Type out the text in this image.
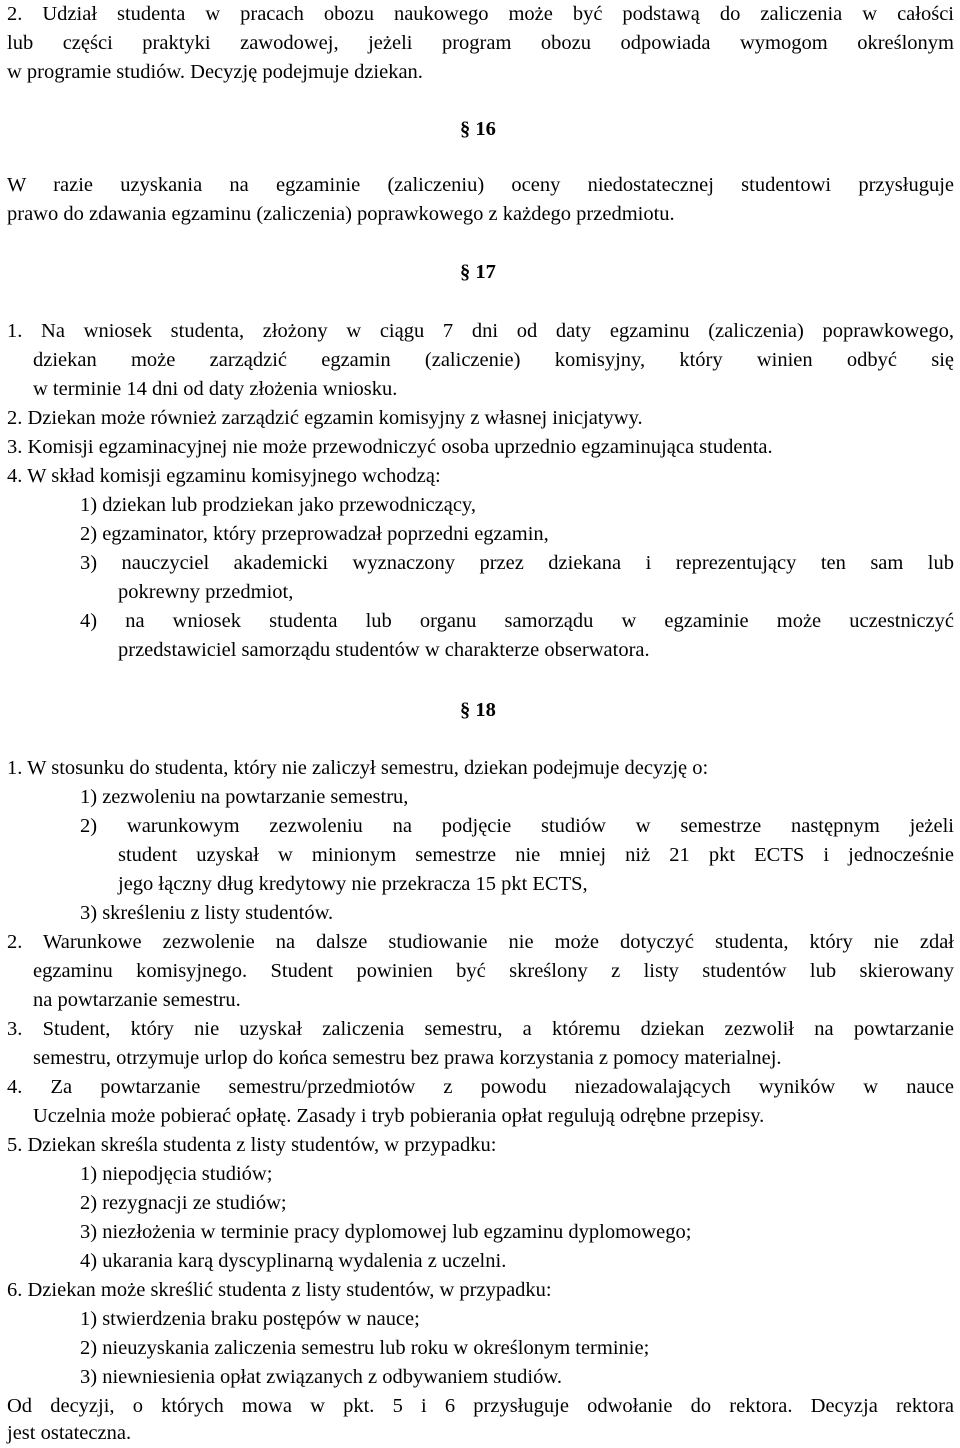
2. Udział studenta w pracach obozu naukowego może być podstawą do zaliczenia w całości
lub części praktyki zawodowej, jeżeli program obozu odpowiada wymogom określonym
w programie studiów. Decyzję podejmuje dziekan.
§ 16
W razie uzyskania na egzaminie (zaliczeniu) oceny niedostatecznej studentowi przysługuje
prawo do zdawania egzaminu (zaliczenia) poprawkowego z każdego przedmiotu.
§ 17
1. Na wniosek studenta, złożony w ciągu 7 dni od daty egzaminu (zaliczenia) poprawkowego,
dziekan może zarządzić egzamin (zaliczenie) komisyjny, który winien odbyć się
w terminie 14 dni od daty złożenia wniosku.
2. Dziekan może również zarządzić egzamin komisyjny z własnej inicjatywy.
3. Komisji egzaminacyjnej nie może przewodniczyć osoba uprzednio egzaminująca studenta.
4. W skład komisji egzaminu komisyjnego wchodzą:
1) dziekan lub prodziekan jako przewodniczący,
2) egzaminator, który przeprowadzał poprzedni egzamin,
3) nauczyciel akademicki wyznaczony przez dziekana i reprezentujący ten sam lub
pokrewny przedmiot,
4) na wniosek studenta lub organu samorządu w egzaminie może uczestniczyć
przedstawiciel samorządu studentów w charakterze obserwatora.
§ 18
1. W stosunku do studenta, który nie zaliczył semestru, dziekan podejmuje decyzję o:
1) zezwoleniu na powtarzanie semestru,
2) warunkowym zezwoleniu na podjęcie studiów w semestrze następnym jeżeli
student uzyskał w minionym semestrze nie mniej niż 21 pkt ECTS i jednocześnie
jego łączny dług kredytowy nie przekracza 15 pkt ECTS,
3) skreśleniu z listy studentów.
2. Warunkowe zezwolenie na dalsze studiowanie nie może dotyczyć studenta, który nie zdał
egzaminu komisyjnego. Student powinien być skreślony z listy studentów lub skierowany
na powtarzanie semestru.
3. Student, który nie uzyskał zaliczenia semestru, a któremu dziekan zezwolił na powtarzanie
semestru, otrzymuje urlop do końca semestru bez prawa korzystania z pomocy materialnej.
4. Za powtarzanie semestru/przedmiotów z powodu niezadowalających wyników w nauce
Uczelnia może pobierać opłatę. Zasady i tryb pobierania opłat regulują odrębne przepisy.
5. Dziekan skreśla studenta z listy studentów, w przypadku:
1) niepodjęcia studiów;
2) rezygnacji ze studiów;
3) niezłożenia w terminie pracy dyplomowej lub egzaminu dyplomowego;
4) ukarania karą dyscyplinarną wydalenia z uczelni.
6. Dziekan może skreślić studenta z listy studentów, w przypadku:
1) stwierdzenia braku postępów w nauce;
2) nieuzyskania zaliczenia semestru lub roku w określonym terminie;
3) niewniesienia opłat związanych z odbywaniem studiów.
Od decyzji, o których mowa w pkt. 5 i 6 przysługuje odwołanie do rektora. Decyzja rektora
jest ostateczna.
